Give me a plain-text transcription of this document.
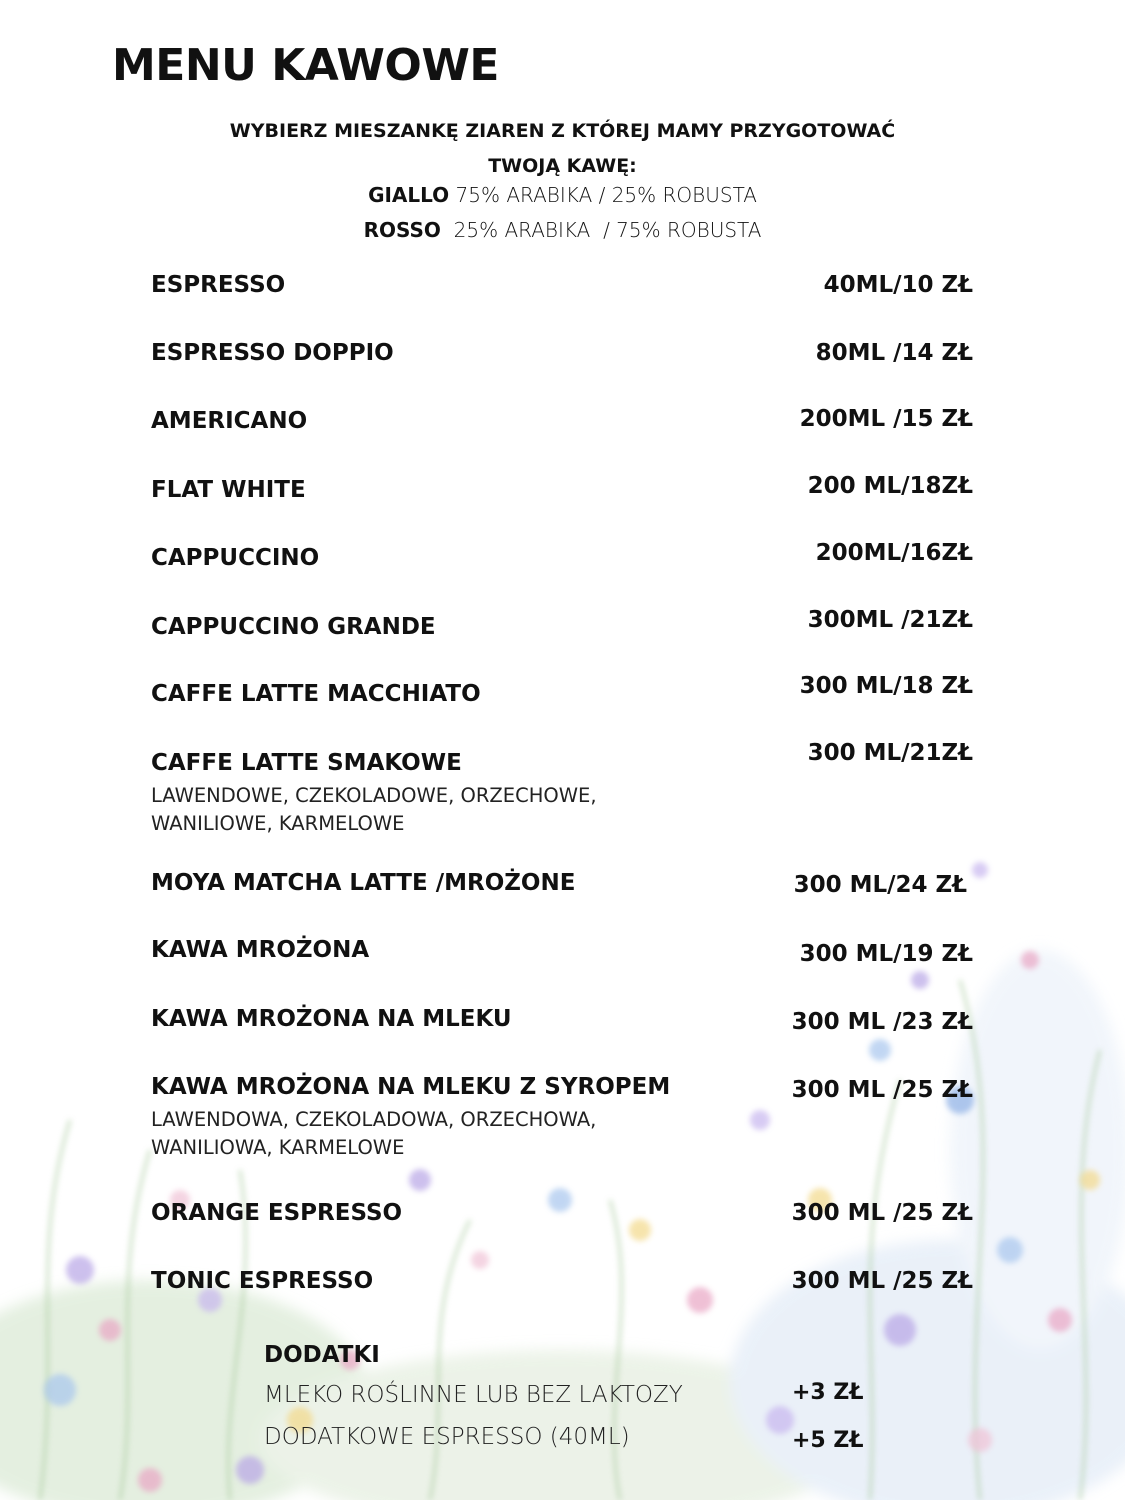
MENU KAWOWE
WYBIERZ MIESZANKĘ ZIAREN Z KTÓREJ MAMY PRZYGOTOWAĆ
TWOJĄ KAWĘ:
GIALLO 75% ARABIKA / 25% ROBUSTA
ROSSO  25% ARABIKA  / 75% ROBUSTA
ESPRESSO	40ML/10 ZŁ
ESPRESSO DOPPIO	80ML /14 ZŁ
AMERICANO	200ML /15 ZŁ
FLAT WHITE	200 ML/18ZŁ
CAPPUCCINO	200ML/16ZŁ
CAPPUCCINO GRANDE	300ML /21ZŁ
CAFFE LATTE MACCHIATO	300 ML/18 ZŁ
CAFFE LATTE SMAKOWE	300 ML/21ZŁ
LAWENDOWE, CZEKOLADOWE, ORZECHOWE,
WANILIOWE, KARMELOWE
MOYA MATCHA LATTE /MROŻONE	300 ML/24 ZŁ
KAWA MROŻONA	300 ML/19 ZŁ
KAWA MROŻONA NA MLEKU	300 ML /23 ZŁ
KAWA MROŻONA NA MLEKU Z SYROPEM	300 ML /25 ZŁ
LAWENDOWA, CZEKOLADOWA, ORZECHOWA,
WANILIOWA, KARMELOWE
ORANGE ESPRESSO	300 ML /25 ZŁ
TONIC ESPRESSO	300 ML /25 ZŁ
DODATKI
MLEKO ROŚLINNE LUB BEZ LAKTOZY	+3 ZŁ
DODATKOWE ESPRESSO (40ML)	+5 ZŁ
